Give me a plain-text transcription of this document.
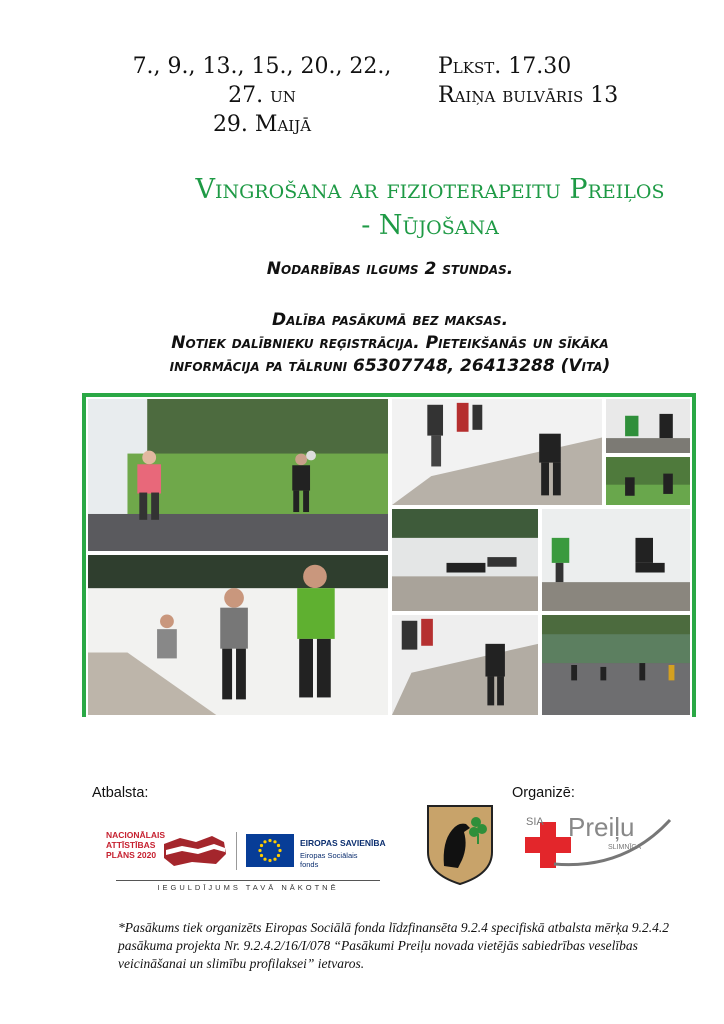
7., 9., 13., 15., 20., 22., 27. un
29. Maijā
Plkst. 17.30
Raiņa bulvāris 13
Vingrošana ar fizioterapeitu Preiļos
- Nūjošana
Nodarbības ilgums 2 stundas.
Dalība pasākumā bez maksas.
Notiek dalībnieku reģistrācija. Pieteikšanās un sīkāka
informācija pa tālruni 65307748, 26413288 (Vita)
Atbalsta:	Organizē:
NACIONĀLAIS
ATTĪSTĪBAS
PLĀNS 2020
EIROPAS SAVIENĪBA
Eiropas Sociālais fonds
IEGULDĪJUMS TAVĀ NĀKOTNĒ
SIA Preiļu
SLIMNĪCA
*Pasākums tiek organizēts Eiropas Sociālā fonda līdzfinansēta 9.2.4 specifiskā atbalsta mērķa 9.2.4.2 pasākuma projekta Nr. 9.2.4.2/16/I/078 “Pasākumi Preiļu novada vietējās sabiedrības veselības veicināšanai un slimību profilaksei” ietvaros.
